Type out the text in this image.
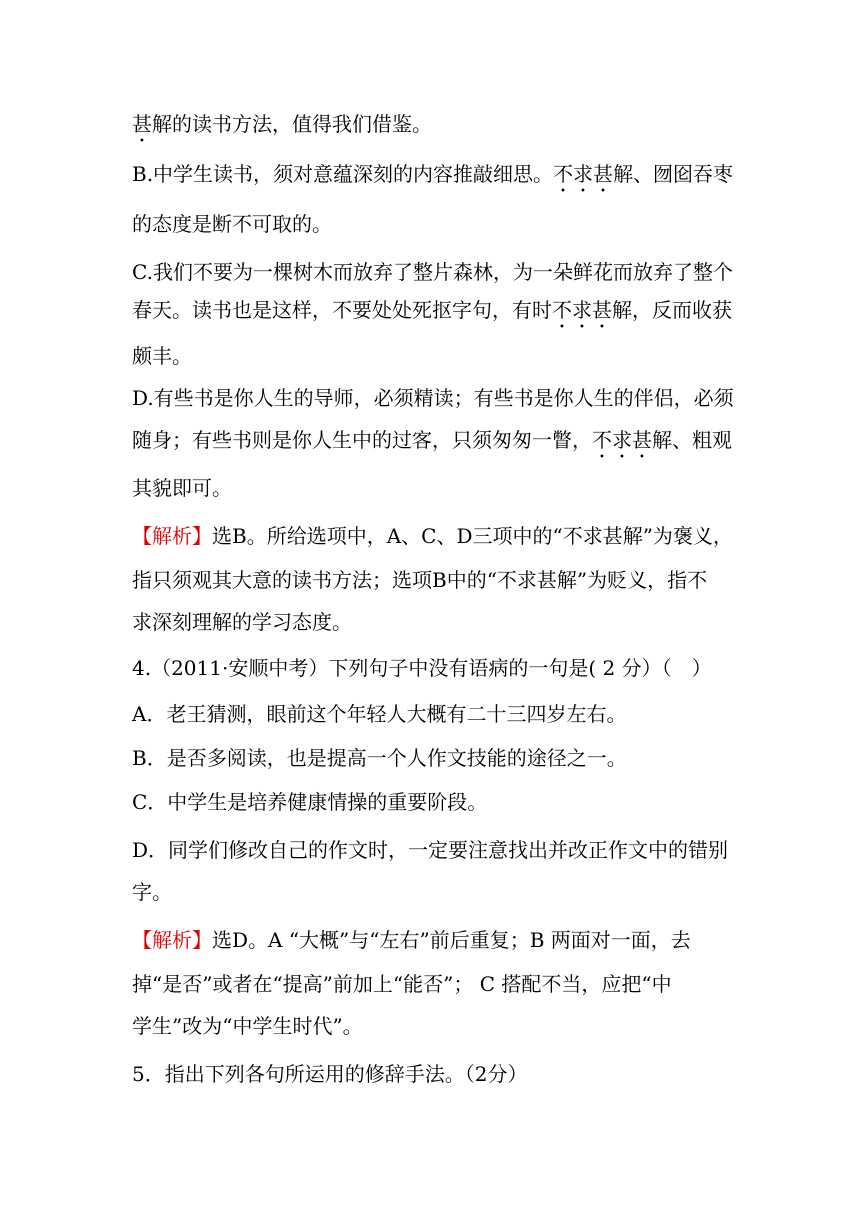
甚解的读书方法，值得我们借鉴。
B.中学生读书，须对意蕴深刻的内容推敲细思。不求甚解、囫囵吞枣
的态度是断不可取的。
C.我们不要为一棵树木而放弃了整片森林，为一朵鲜花而放弃了整个
春天。读书也是这样，不要处处死抠字句，有时不求甚解，反而收获
颇丰。
D.有些书是你人生的导师，必须精读；有些书是你人生的伴侣，必须
随身；有些书则是你人生中的过客，只须匆匆一瞥，不求甚解、粗观
其貌即可。
【解析】选B。所给选项中，A、C、D三项中的“不求甚解”为褒义，
指只须观其大意的读书方法；选项B中的“不求甚解”为贬义，指不
求深刻理解的学习态度。
4.（2011·安顺中考）下列句子中没有语病的一句是( 2 分）（　）
A．老王猜测，眼前这个年轻人大概有二十三四岁左右。
B．是否多阅读，也是提高一个人作文技能的途径之一。
C．中学生是培养健康情操的重要阶段。
D．同学们修改自己的作文时，一定要注意找出并改正作文中的错别
字。
【解析】选D。A “大概”与“左右”前后重复；B 两面对一面，去
掉“是否”或者在“提高”前加上“能否”； C 搭配不当，应把“中
学生”改为“中学生时代”。
5．指出下列各句所运用的修辞手法。（2分）
